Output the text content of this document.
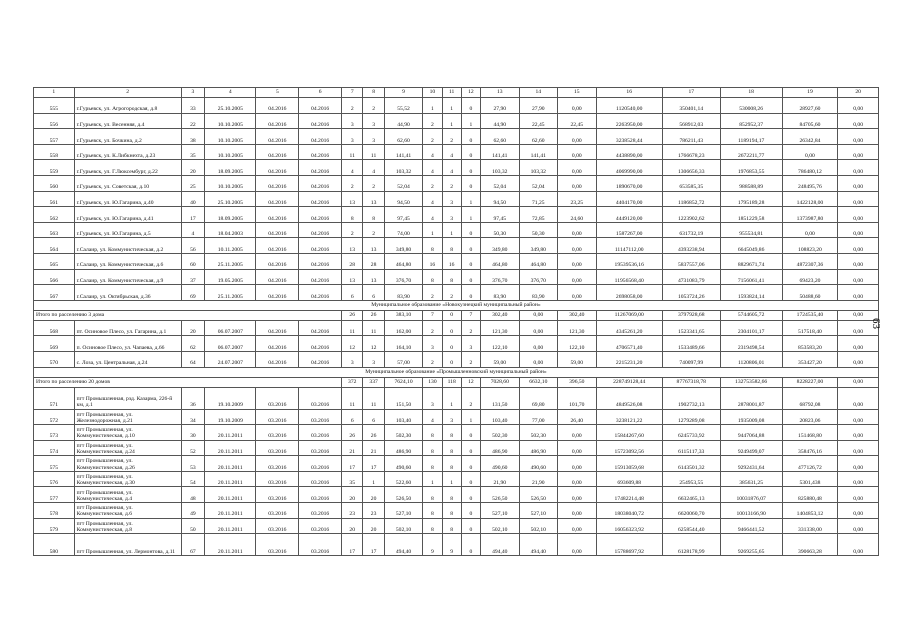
1	2	3	4	5	6	7	8	9	10	11	12	13	14	15	16	17	18	19	20
555	г.Гурьевск, ул. Агрогородская, д.8	33	25.10.2005	04.2016	04.2016	2	2	55,52	1	1	0	27,90	27,90	0,00	1120540,00	350401,14	530008,26	28927,60	0,00
556	г.Гурьевск, ул. Весенняя, д.4	22	10.10.2005	04.2016	04.2016	3	3	44,90	2	1	1	44,90	22,45	22,45	2263950,00	568912,03	852952,37	84705,60	0,00
557	г.Гурьевск, ул. Бочкина, д.2	38	10.10.2005	04.2016	04.2016	3	3	62,60	2	2	0	62,60	62,60	0,00	3238528,44	786211,43	1189194,17	26342,84	0,00
558	г.Гурьевск, ул. К.Либкнехта, д.23	35	10.10.2005	04.2016	04.2016	11	11	141,41	4	4	0	141,41	141,41	0,00	4438890,00	1766678,23	2672211,77	0,00	0,00
559	г.Гурьевск, ул. Г.Люксембург, д.22	20	18.09.2005	04.2016	04.2016	4	4	103,32	4	4	0	103,32	103,32	0,00	4069990,00	1306656,33	1976853,55	786480,12	0,00
560	г.Гурьевск, ул. Советская, д.10	25	10.10.2005	04.2016	04.2016	2	2	52,04	2	2	0	52,04	52,04	0,00	1890670,00	653585,35	988588,89	248495,76	0,00
561	г.Гурьевск, ул. Ю.Гагарина, д.40	40	25.10.2005	04.2016	04.2016	13	13	94,50	4	3	1	94,50	71,25	23,25	4404170,00	1186852,72	1795189,28	1422128,00	0,00
562	г.Гурьевск, ул. Ю.Гагарина, д.41	17	18.09.2005	04.2016	04.2016	8	8	97,45	4	3	1	97,45	72,85	24,60	4449120,00	1223902,62	1851229,58	1373987,80	0,00
563	г.Гурьевск, ул. Ю.Гагарина, д.5	4	18.04.2003	04.2016	04.2016	2	2	74,00	1	1	0	50,30	50,30	0,00	1587267,00	631732,19	955534,81	0,00	0,00
564	г.Салаир, ул. Коммунистическая, д.2	56	10.11.2005	04.2016	04.2016	13	13	349,80	8	8	0	349,80	349,80	0,00	11147112,00	4393238,94	6645049,86	108823,20	0,00
565	г.Салаир, ул. Коммунистическая, д.6	60	25.11.2005	04.2016	04.2016	28	28	464,80	16	16	0	464,80	464,80	0,00	19539536,16	5837557,06	8829671,74	4872307,36	0,00
566	г.Салаир, ул. Коммунистическая, д.9	37	19.05.2005	04.2016	04.2016	13	13	376,70	8	8	0	376,70	376,70	0,00	11956568,40	4731083,79	7156061,41	69423,20	0,00
567	г.Салаир, ул. Октябрьская, д.36	69	25.11.2005	04.2016	04.2016	6	6	83,90	2	2	0	83,90	83,90	0,00	2698058,00	1053724,26	1593824,14	50488,60	0,00
Муниципальное образование «Новокузнецкий муниципальный район»																			
Итого по расселению 3 дома						26	26	383,10	7	0	7	302,40	0,00	302,40	11267069,00	3797928,68	5744605,72	1724535,40	0,00
568	пт. Осиновое Плесо, ул. Гагарина, д.1	20	06.07.2007	04.2016	04.2016	11	11	162,00	2	0	2	121,30	0,00	121,30	4345261,20	1523341,65	2304101,17	517518,40	0,00
569	п. Осиновое Плесо, ул. Чапаева, д.66	62	06.07.2007	04.2016	04.2016	12	12	164,10	3	0	3	122,10	0,00	122,10	4706571,40	1533489,66	2319498,54	853583,20	0,00
570	с. Лоза, ул. Центральная, д.24	64	24.07.2007	04.2016	04.2016	3	3	57,00	2	0	2	59,00	0,00	59,00	2215231,20	740097,99	1120806,01	353427,20	0,00
Муниципальное образование «Промышленновский муниципальный район»																			
Итого по расселению 20 домов						372	337	7624,10	130	118	12	7028,60	6632,10	396,50	228749128,44	87767318,78	132753582,66	8228227,00	0,00
571	пгт Промышленная, рзд. Казарма, 226-й км, д.1	36	19.10.2009	03.2016	03.2016	11	11	151,50	3	1	2	131,50	69,80	101,70	4849526,08	1902732,13	2878001,87	68792,08	0,00
572	пгт Промышленная, ул. Железнодорожная, д.21	34	19.10.2009	03.2016	03.2016	6	6	103,40	4	3	1	103,40	77,00	26,40	3238121,22	1279289,08	1935009,08	20823,06	0,00
573	пгт Промышленная, ул. Коммунистическая, д.10	30	20.11.2011	03.2016	03.2016	26	26	502,30	8	8	0	502,30	502,30	0,00	15844267,60	6245733,92	9447064,88	151468,80	0,00
574	пгт Промышленная, ул. Коммунистическая, д.24	52	20.11.2011	03.2016	03.2016	21	21	486,90	8	8	0	486,90	486,90	0,00	15723092,56	6115117,33	9249499,07	358476,16	0,00
575	пгт Промышленная, ул. Коммунистическая, д.26	53	20.11.2011	03.2016	03.2016	17	17	490,60	8	8	0	490,60	490,60	0,00	15913059,68	6143501,32	9292431,64	477126,72	0,00
576	пгт Промышленная, ул. Коммунистическая, д.30	54	20.11.2011	03.2016	03.2016	35	1	522,60	1	1	0	21,90	21,90	0,00	693609,88	254953,55	385631,25	5301,438	0,00
577	пгт Промышленная, ул. Коммунистическая, д.4	48	20.11.2011	03.2016	03.2016	20	20	526,50	8	8	0	526,50	526,50	0,00	17482214,48	6632465,13	10031876,07	825880,48	0,00
578	пгт Промышленная, ул. Коммунистическая, д.6	49	20.11.2011	03.2016	03.2016	23	23	527,10	8	8	0	527,10	527,10	0,00	18038040,72	6620060,70	10013166,90	1404853,12	0,00
579	пгт Промышленная, ул. Коммунистическая, д.8	50	20.11.2011	03.2016	03.2016	20	20	502,10	8	8	0	502,10	502,10	0,00	16056323,92	6258544,40	9466441,52	331338,00	0,00
580	пгт Промышленная, ул. Лермонтова, д.11	67	20.11.2011	03.2016	03.2016	17	17	494,40	9	9	0	494,40	494,40	0,00	15788697,92	6128178,99	9269255,65	390663,28	0,00
63
